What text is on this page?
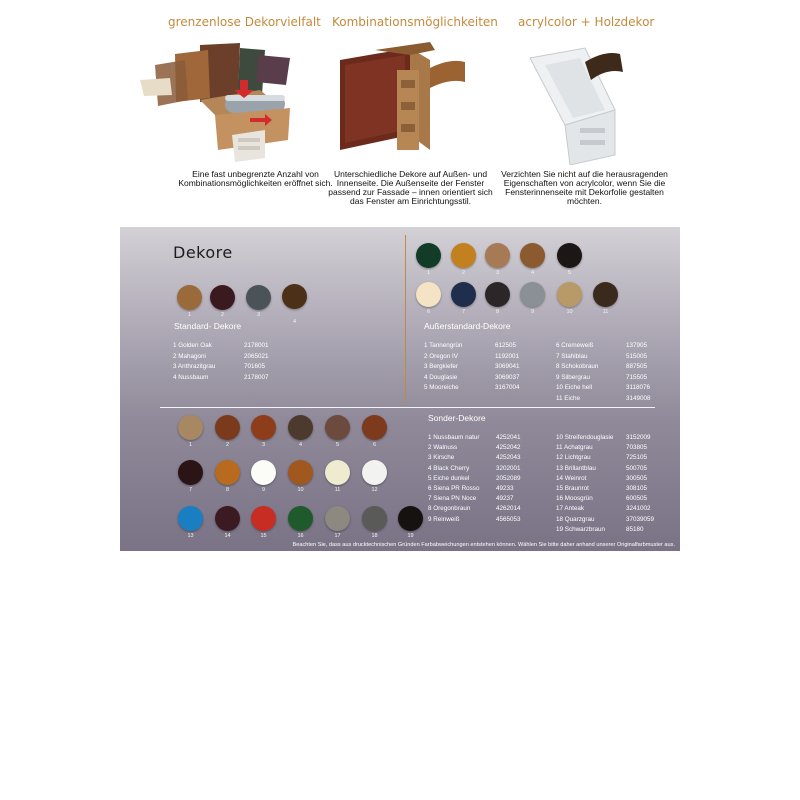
grenzenlose Dekorvielfalt Kombinationsmöglichkeiten acrylcolor + Holzdekor
Eine fast unbegrenzte Anzahl von Kombinationsmöglichkeiten eröffnet sich.
Unterschiedliche Dekore auf Außen- und Innenseite. Die Außenseite der Fenster passend zur Fassade – innen orientiert sich das Fenster am Einrichtungsstil.
Verzichten Sie nicht auf die herausragenden Eigenschaften von acrylcolor, wenn Sie die Fensterinnenseite mit Dekorfolie gestalten möchten.
Dekore
Standard- Dekore	Außerstandard-Dekore
Sonder-Dekore
Beachten Sie, dass aus drucktechnischen Gründen Farbabweichungen entstehen können. Wählen Sie bitte daher anhand unserer Originalfarbmuster aus.
1	2	3
4
1	2	3	4	5
6	7	8	9	10	11
1	2	3	4	5	6
7	8	9	10	11	12
13	14	15	16	17	18	19
1 Golden Oak	2178001
2 Mahagoni	2065021
3 Anthrazitgrau	701605
4 Nussbaum	2178007
1 Tannengrün	612505
2 Oregon IV	1192001
3 Bergkiefer	3069041
4 Douglasie	3069037
5 Mooreiche	3167004
6 Cremeweiß	137905
7 Stahlblau	515005
8 Schokobraun	887505
9 Silbergrau	715505
10 Eiche hell	3118076
11 Eiche	3149008
1 Nussbaum natur	4252041
2 Walnuss	4252042
3 Kirsche	4252043
4 Black Cherry	3202001
5 Eiche dunkel	2052089
6 Siena PR Rosso	49233
7 Siena PN Noce	49237
8 Oregonbraun	4262014
9 Reinweiß	4565053
10 Streifendouglasie 3152009
11 Achatgrau	703805
12 Lichtgrau	725105
13 Brillantblau	500705
14 Weinrot	300505
15 Braunrot	308105
16 Moosgrün	600505
17 Anteak	3241002
18 Quarzgrau	37039059
19 Schwarzbraun	85180
